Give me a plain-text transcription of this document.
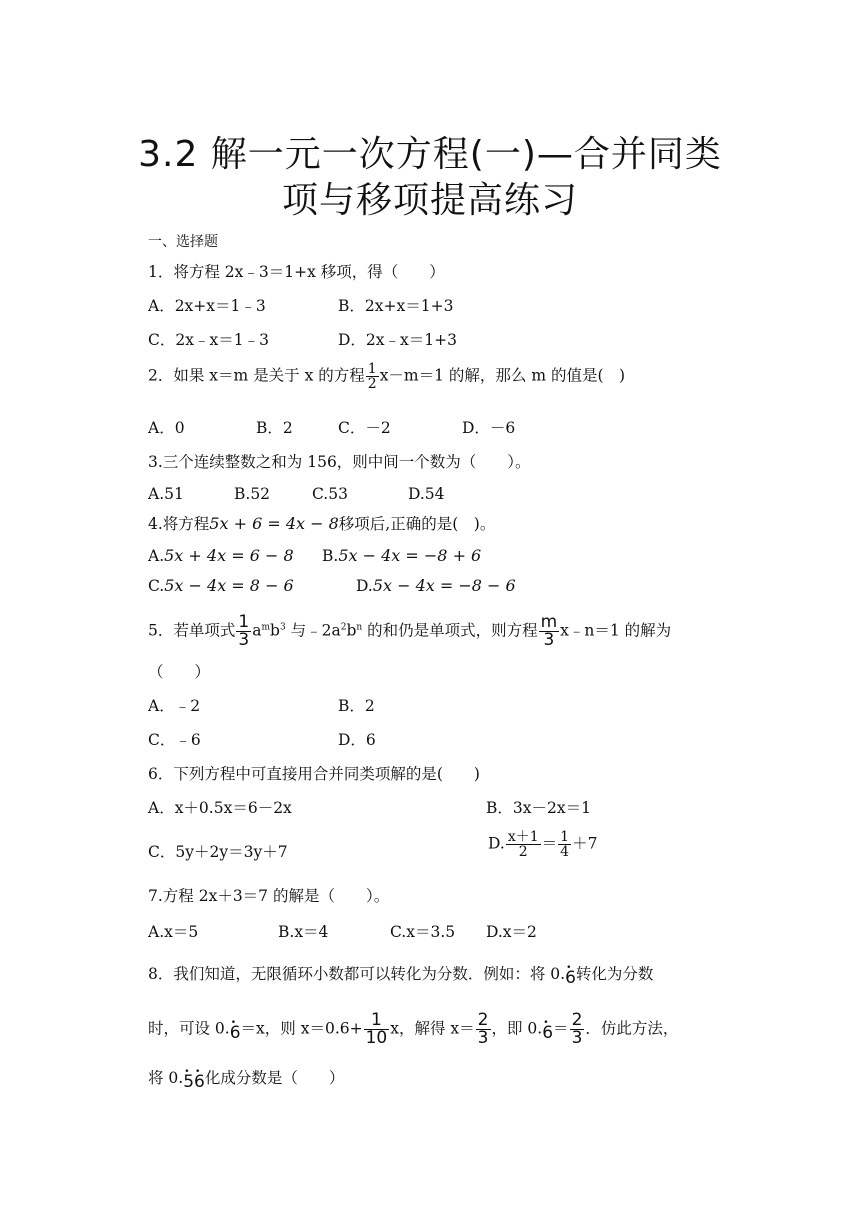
3.2 解一元一次方程(一)—合并同类
项与移项提高练习
一、选择题
1．将方程 2x﹣3＝1+x 移项，得（　　）
A．2x+x＝1﹣3	B．2x+x＝1+3
C．2x﹣x＝1﹣3	D．2x﹣x＝1+3
2．如果 x＝m 是关于 x 的方程 $\frac{1}{2} x-m=1$ 的解，那么 m 的值是(　)
A．0	B．2	C．－2	D．－6
3.三个连续整数之和为 156，则中间一个数为（　　）。
A.51	B.52	C.53	D.54
4.将方程5x + 6 = 4x − 8移项后,正确的是(　)。
A.5x + 4x = 6 − 8 B.5x − 4x = −8 + 6
C.5x − 4x = 8 − 6	D.5x − 4x = −8 − 6
5．若单项式 $\frac{1}{3} a^mb^3$ 与$﹣2a^2b^n$ 的和仍是单项式，则方程 $\frac{m}{3}$ x﹣n＝1 的解为
（　　）
A．﹣2	B．2
C．﹣6	D．6
6．下列方程中可直接用合并同类项解的是(　　)
A．x＋0.5x＝6－2x	B．3x－2x＝1
C．5y＋2y＝3y＋7	D. $\frac{x+1}{2} = \frac{1}{4} +7$
7.方程 2x＋3＝7 的解是（　　）。
A.x＝5	B.x＝4	C.x＝3.5 D.x＝2
8．我们知道，无限循环小数都可以转化为分数．例如：将 0.• 6转化为分数
时，可设 0.• 6＝x，则 $x=0.6+ \frac{1}{10}$ x，解得 $x= \frac{2}{3}$ ，即 0.• $6= \frac{2}{3}$ ．仿此方法，
将 0.• 5• 6化成分数是（　　）
